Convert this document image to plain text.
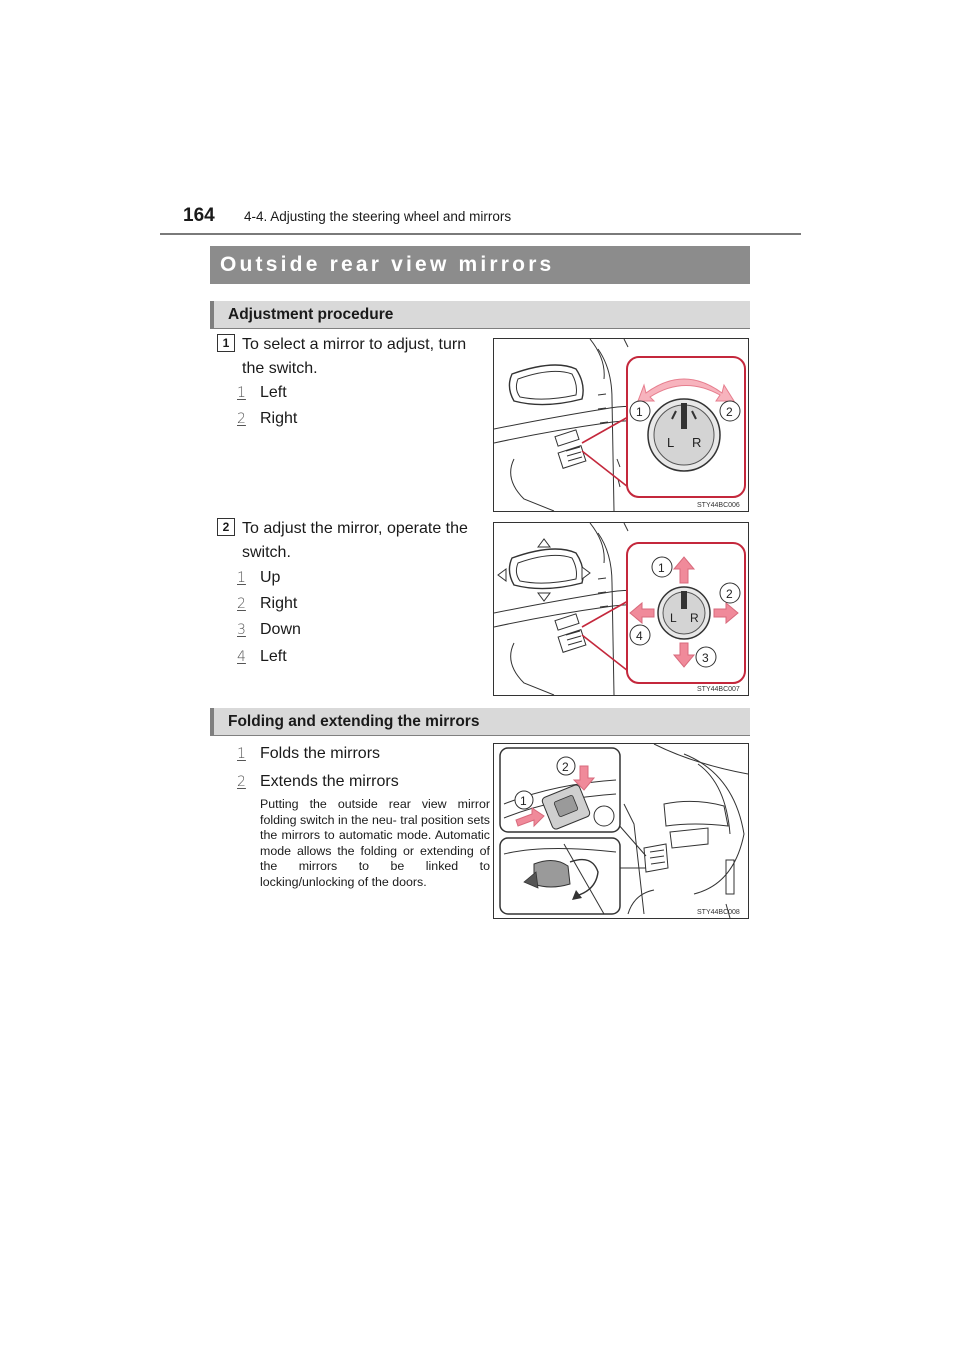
164 4-4. Adjusting the steering wheel and mirrors
Outside rear view mirrors
Adjustment procedure
1 To select a mirror to adjust, turn the switch.
1 Left
2 Right
L R
1	2
STY44BC006
2 To adjust the mirror, operate the switch.
1 Up
2 Right
3 Down
4 Left
L R
1
2
3
4
STY44BC007
Folding and extending the mirrors
1 Folds the mirrors
2 Extends the mirrors
Putting the outside rear view mirror folding switch in the neu- tral position sets the mirrors to automatic mode. Automatic mode allows the folding or extending of the mirrors to be linked to locking/unlocking of the doors.
2
1
STY44BC008
